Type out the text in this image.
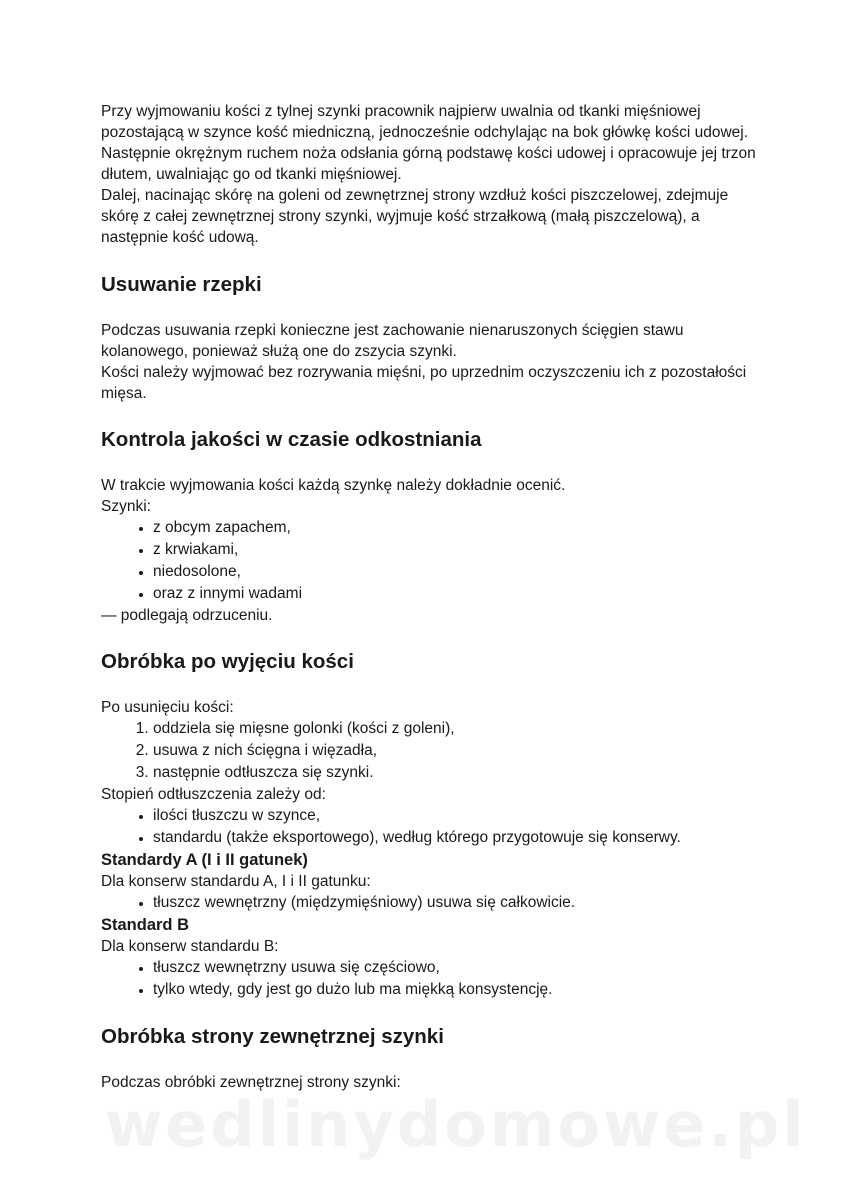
Przy wyjmowaniu kości z tylnej szynki pracownik najpierw uwalnia od tkanki mięśniowej pozostającą w szynce kość miedniczną, jednocześnie odchylając na bok główkę kości udowej. Następnie okrężnym ruchem noża odsłania górną podstawę kości udowej i opracowuje jej trzon dłutem, uwalniając go od tkanki mięśniowej.

Dalej, nacinając skórę na goleni od zewnętrznej strony wzdłuż kości piszczelowej, zdejmuje skórę z całej zewnętrznej strony szynki, wyjmuje kość strzałkową (małą piszczelową), a następnie kość udową.

Usuwanie rzepki

Podczas usuwania rzepki konieczne jest zachowanie nienaruszonych ścięgien stawu kolanowego, ponieważ służą one do zszycia szynki.

Kości należy wyjmować bez rozrywania mięśni, po uprzednim oczyszczeniu ich z pozostałości mięsa.

Kontrola jakości w czasie odkostniania

W trakcie wyjmowania kości każdą szynkę należy dokładnie ocenić.

Szynki:

• z obcym zapachem,
• z krwiakami,
• niedosolone,
• oraz z innymi wadami

— podlegają odrzuceniu.

Obróbka po wyjęciu kości

Po usunięciu kości:

1. oddziela się mięsne golonki (kości z goleni),
2. usuwa z nich ścięgna i więzadła,
3. następnie odtłuszcza się szynki.

Stopień odtłuszczenia zależy od:

• ilości tłuszczu w szynce,
• standardu (także eksportowego), według którego przygotowuje się konserwy.
Standardy A (I i II gatunek)

Dla konserw standardu A, I i II gatunku:

• tłuszcz wewnętrzny (międzymięśniowy) usuwa się całkowicie.
Standard B

Dla konserw standardu B:

• tłuszcz wewnętrzny usuwa się częściowo,
• tylko wtedy, gdy jest go dużo lub ma miękką konsystencję.
Obróbka strony zewnętrznej szynki

Podczas obróbki zewnętrznej strony szynki:

wedlinydomowe.pl
